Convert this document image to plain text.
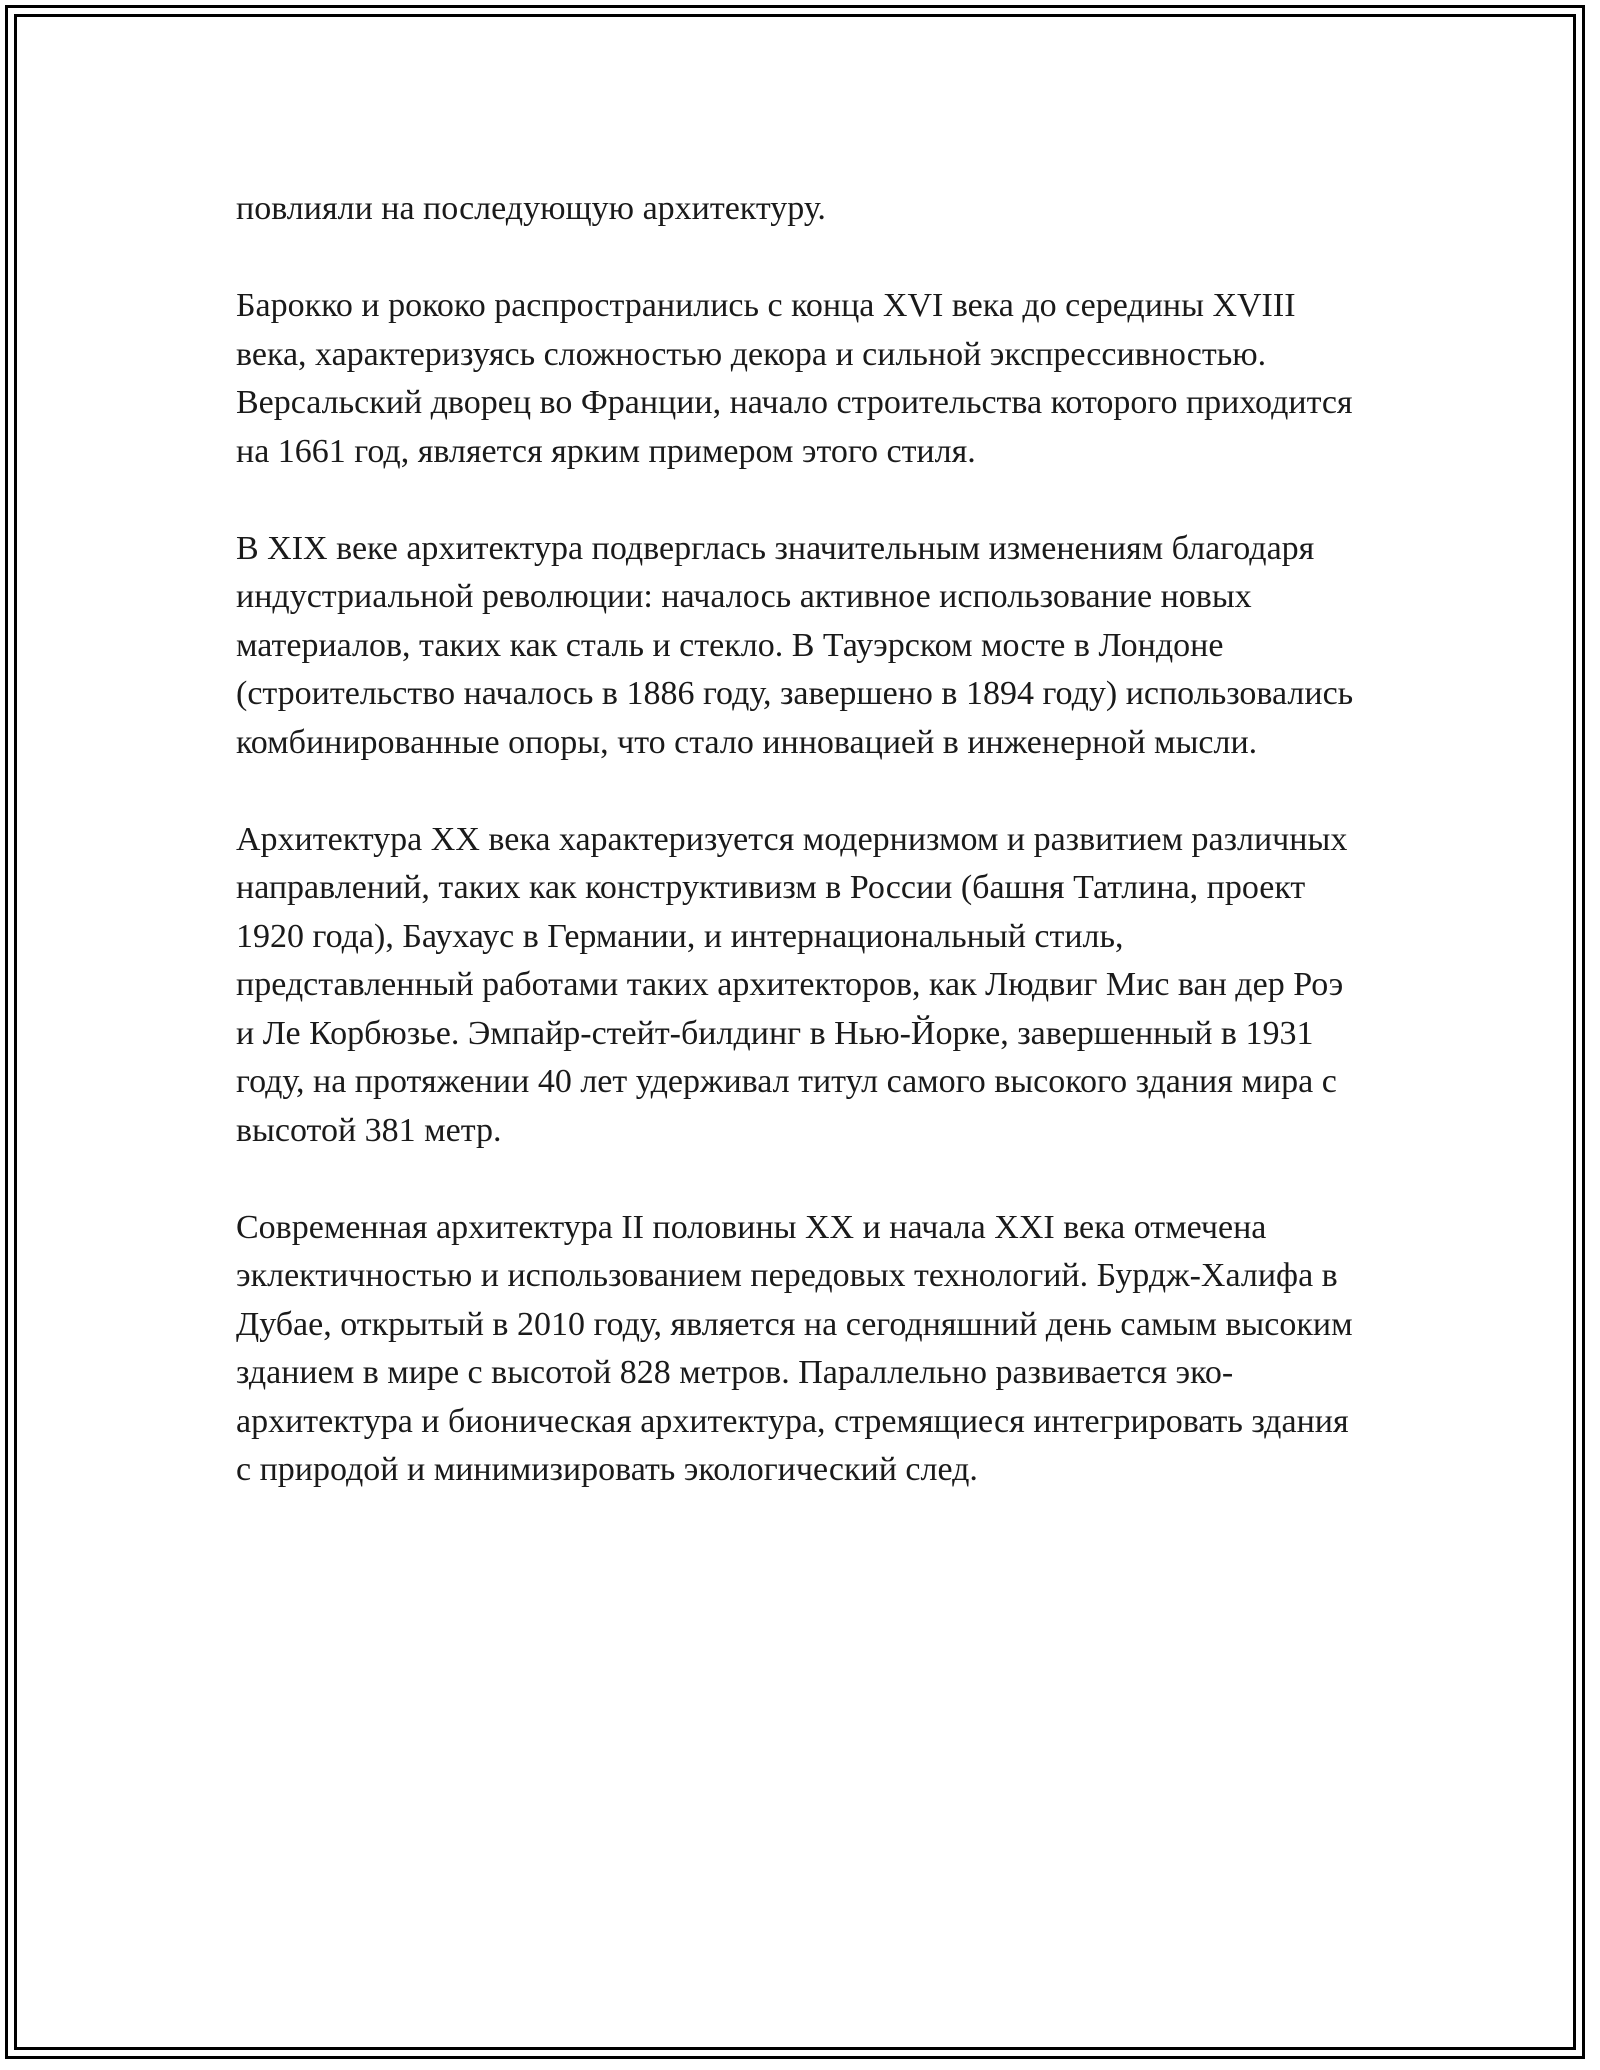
повлияли на последующую архитектуру.

Барокко и рококо распространились с конца XVI века до середины XVIII века, характеризуясь сложностью декора и сильной экспрессивностью. Версальский дворец во Франции, начало строительства которого приходится на 1661 год, является ярким примером этого стиля.

В XIX веке архитектура подверглась значительным изменениям благодаря индустриальной революции: началось активное использование новых материалов, таких как сталь и стекло. В Тауэрском мосте в Лондоне (строительство началось в 1886 году, завершено в 1894 году) использовались комбинированные опоры, что стало инновацией в инженерной мысли.

Архитектура XX века характеризуется модернизмом и развитием различных направлений, таких как конструктивизм в России (башня Татлина, проект 1920 года), Баухаус в Германии, и интернациональный стиль, представленный работами таких архитекторов, как Людвиг Мис ван дер Роэ и Ле Корбюзье. Эмпайр-стейт-билдинг в Нью-Йорке, завершенный в 1931 году, на протяжении 40 лет удерживал титул самого высокого здания мира с высотой 381 метр.

Современная архитектура II половины XX и начала XXI века отмечена эклектичностью и использованием передовых технологий. Бурдж-Халифа в Дубае, открытый в 2010 году, является на сегодняшний день самым высоким зданием в мире с высотой 828 метров. Параллельно развивается эко-архитектура и бионическая архитектура, стремящиеся интегрировать здания с природой и минимизировать экологический след.
